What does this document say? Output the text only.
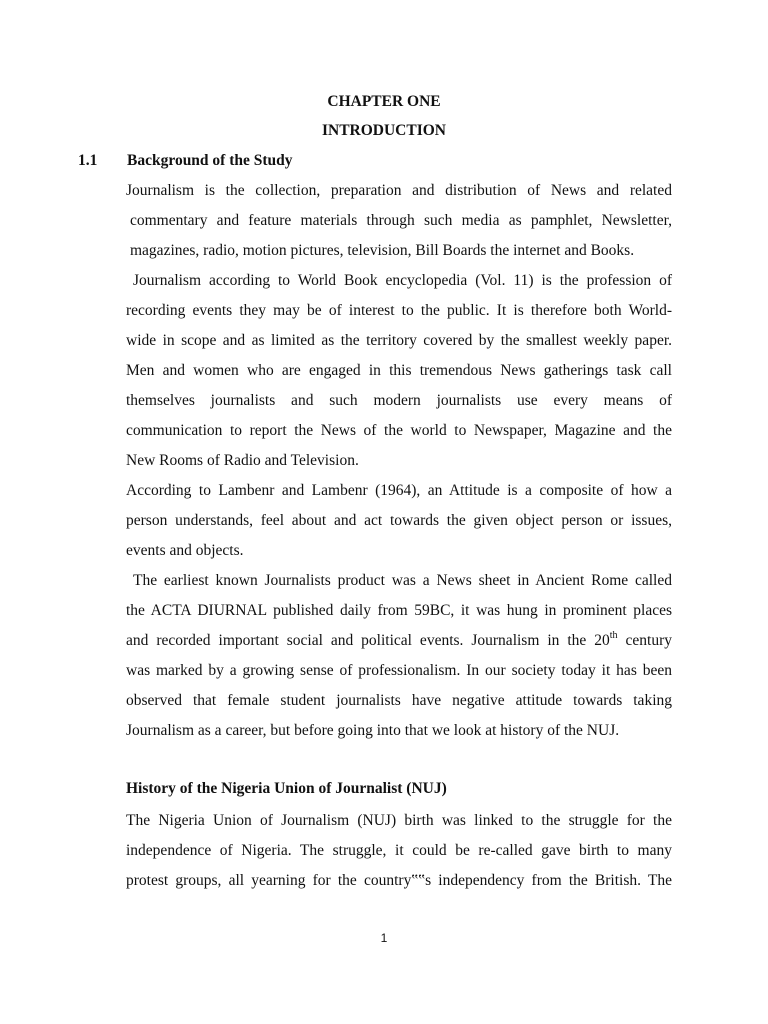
CHAPTER ONE
INTRODUCTION
1.1 Background of the Study
Journalism is the collection, preparation and distribution of News and related
commentary and feature materials through such media as pamphlet, Newsletter,
magazines, radio, motion pictures, television, Bill Boards the internet and Books.
Journalism according to World Book encyclopedia (Vol. 11) is the profession of
recording events they may be of interest to the public. It is therefore both World-
wide in scope and as limited as the territory covered by the smallest weekly paper.
Men and women who are engaged in this tremendous News gatherings task call
themselves journalists and such modern journalists use every means of
communication to report the News of the world to Newspaper, Magazine and the
New Rooms of Radio and Television.
According to Lambenr and Lambenr (1964), an Attitude is a composite of how a
person understands, feel about and act towards the given object person or issues,
events and objects.
The earliest known Journalists product was a News sheet in Ancient Rome called
the ACTA DIURNAL published daily from 59BC, it was hung in prominent places
and recorded important social and political events. Journalism in the 20th century
was marked by a growing sense of professionalism. In our society today it has been
observed that female student journalists have negative attitude towards taking
Journalism as a career, but before going into that we look at history of the NUJ.
History of the Nigeria Union of Journalist (NUJ)
The Nigeria Union of Journalism (NUJ) birth was linked to the struggle for the
independence of Nigeria. The struggle, it could be re-called gave birth to many
protest groups, all yearning for the country‟‟s independency from the British. The
1
